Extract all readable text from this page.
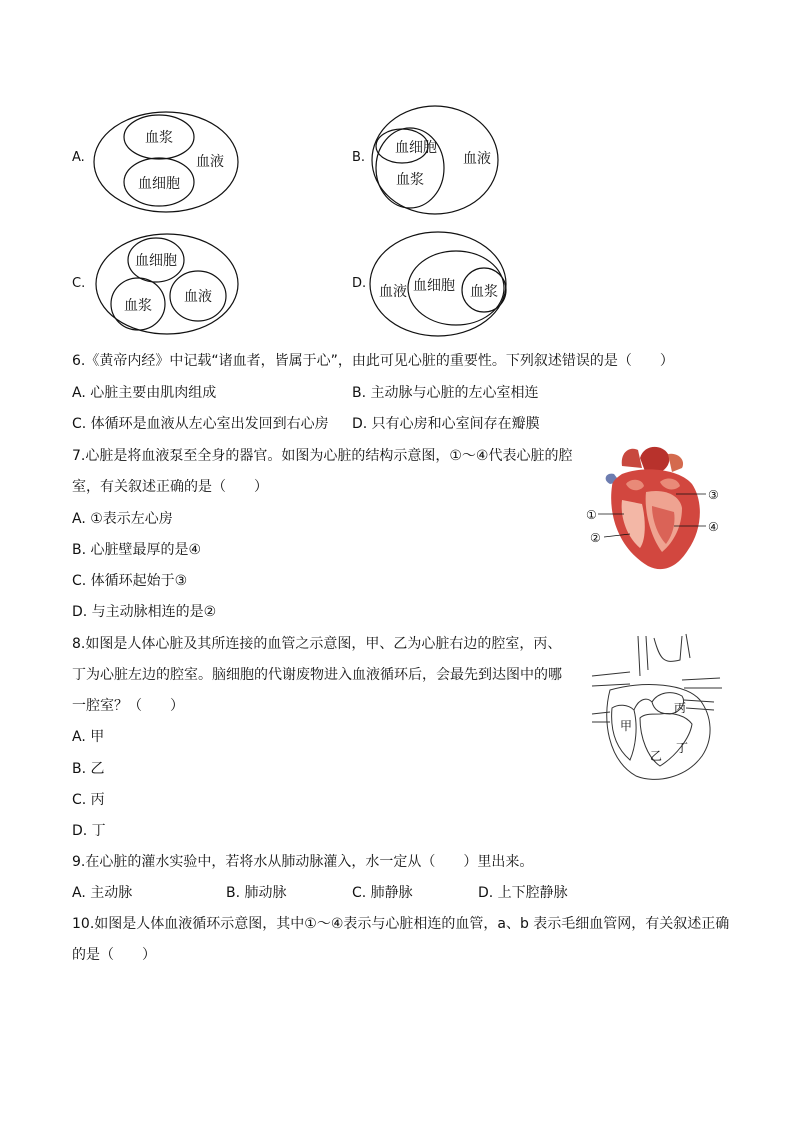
A.
血浆
血细胞
血液	B.
血细胞
血浆
血液
C.
血细胞
血浆
血液
D.
血液 血细胞 血浆
6.《黄帝内经》中记载“诸血者，皆属于心”，由此可见心脏的重要性。下列叙述错误的是（　　）
A. 心脏主要由肌肉组成	B. 主动脉与心脏的左心室相连
C. 体循环是血液从左心室出发回到右心房 D. 只有心房和心室间存在瓣膜
7.心脏是将血液泵至全身的器官。如图为心脏的结构示意图，①～④代表心脏的腔
室，有关叙述正确的是（　　）
A. ①表示左心房
B. 心脏壁最厚的是④
C. 体循环起始于③
D. 与主动脉相连的是②
①
②
③
④
8.如图是人体心脏及其所连接的血管之示意图，甲、乙为心脏右边的腔室，丙、
丁为心脏左边的腔室。脑细胞的代谢废物进入血液循环后，会最先到达图中的哪
一腔室？（　　）
A. 甲
B. 乙
C. 丙
D. 丁
甲
乙
丙
丁
9.在心脏的灌水实验中，若将水从肺动脉灌入，水一定从（　　）里出来。
A. 主动脉	B. 肺动脉	C. 肺静脉	D. 上下腔静脉
10.如图是人体血液循环示意图，其中①～④表示与心脏相连的血管，a、b 表示毛细血管网，有关叙述正确
的是（　　）
